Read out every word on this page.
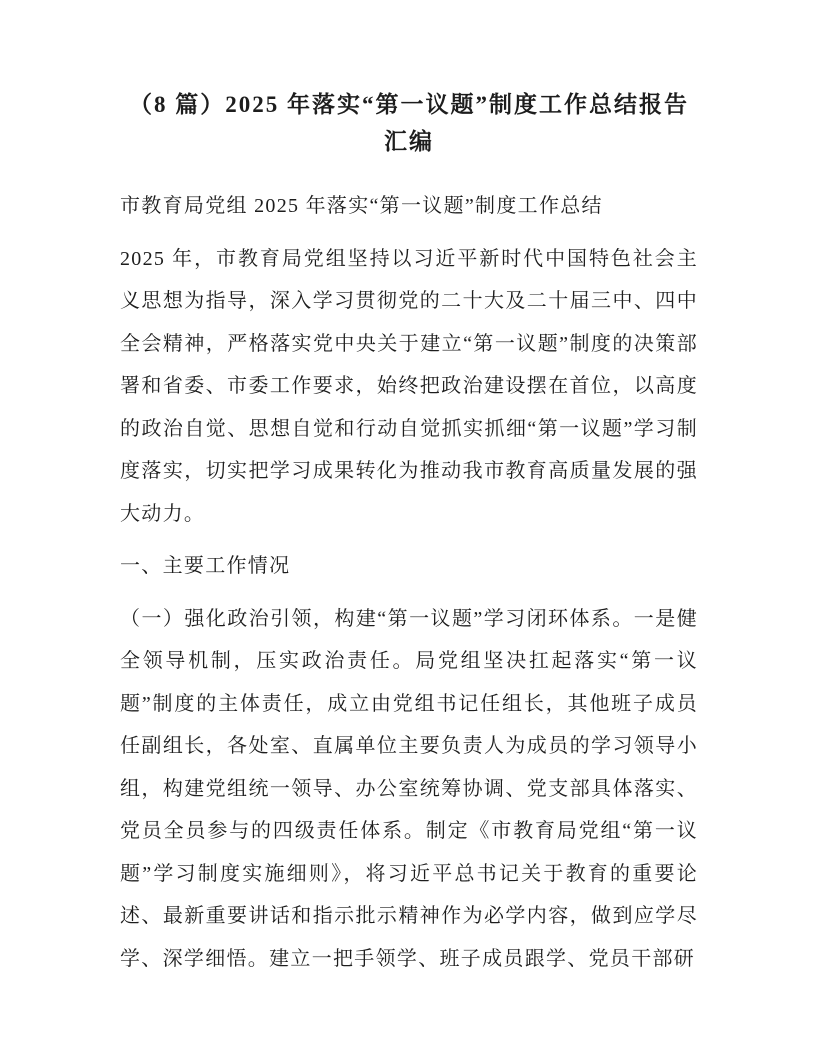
（8 篇）2025 年落实“第一议题”制度工作总结报告汇编

市教育局党组 2025 年落实“第一议题”制度工作总结

2025 年，市教育局党组坚持以习近平新时代中国特色社会主义思想为指导，深入学习贯彻党的二十大及二十届三中、四中全会精神，严格落实党中央关于建立“第一议题”制度的决策部署和省委、市委工作要求，始终把政治建设摆在首位，以高度的政治自觉、思想自觉和行动自觉抓实抓细“第一议题”学习制度落实，切实把学习成果转化为推动我市教育高质量发展的强大动力。

一、主要工作情况

（一）强化政治引领，构建“第一议题”学习闭环体系。一是健全领导机制，压实政治责任。局党组坚决扛起落实“第一议题”制度的主体责任，成立由党组书记任组长，其他班子成员任副组长，各处室、直属单位主要负责人为成员的学习领导小组，构建党组统一领导、办公室统筹协调、党支部具体落实、党员全员参与的四级责任体系。制定《市教育局党组“第一议题”学习制度实施细则》，将习近平总书记关于教育的重要论述、最新重要讲话和指示批示精神作为必学内容，做到应学尽学、深学细悟。建立一把手领学、班子成员跟学、党员干部研
